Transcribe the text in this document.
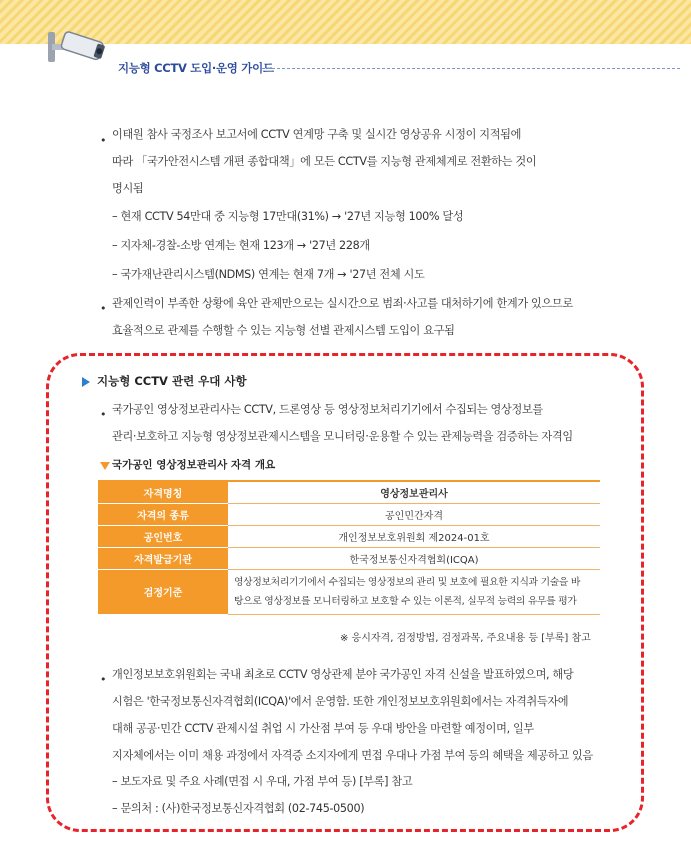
지능형 CCTV 도입·운영 가이드
• 이태원 참사 국정조사 보고서에 CCTV 연계망 구축 및 실시간 영상공유 시정이 지적됨에
따라 「국가안전시스템 개편 종합대책」에 모든 CCTV를 지능형 관제체계로 전환하는 것이
명시됨
– 현재 CCTV 54만대 중 지능형 17만대(31%) → '27년 지능형 100% 달성
– 지자체-경찰-소방 연계는 현재 123개 → '27년 228개
– 국가재난관리시스템(NDMS) 연계는 현재 7개 → '27년 전체 시도
• 관제인력이 부족한 상황에 육안 관제만으로는 실시간으로 범죄·사고를 대처하기에 한계가 있으므로
효율적으로 관제를 수행할 수 있는 지능형 선별 관제시스템 도입이 요구됨
지능형 CCTV 관련 우대 사항
• 국가공인 영상정보관리사는 CCTV, 드론영상 등 영상정보처리기기에서 수집되는 영상정보를
관리·보호하고 지능형 영상정보관제시스템을 모니터링·운용할 수 있는 관제능력을 검증하는 자격임
국가공인 영상정보관리사 자격 개요
자격명칭	영상정보관리사
자격의 종류	공인민간자격
공인번호	개인정보보호위원회 제2024-01호
자격발급기관	한국정보통신자격협회(ICQA)
검정기준	영상정보처리기기에서 수집되는 영상정보의 관리 및 보호에 필요한 지식과 기술을 바
탕으로 영상정보를 모니터링하고 보호할 수 있는 이론적, 실무적 능력의 유무를 평가
※ 응시자격, 검정방법, 검정과목, 주요내용 등 [부록] 참고
• 개인정보보호위원회는 국내 최초로 CCTV 영상관제 분야 국가공인 자격 신설을 발표하였으며, 해당
시험은 '한국정보통신자격협회(ICQA)'에서 운영함. 또한 개인정보보호위원회에서는 자격취득자에
대해 공공·민간 CCTV 관제시설 취업 시 가산점 부여 등 우대 방안을 마련할 예정이며, 일부
지자체에서는 이미 채용 과정에서 자격증 소지자에게 면접 우대나 가점 부여 등의 혜택을 제공하고 있음
– 보도자료 및 주요 사례(면접 시 우대, 가점 부여 등) [부록] 참고
– 문의처 : (사)한국정보통신자격협회 (02-745-0500)
